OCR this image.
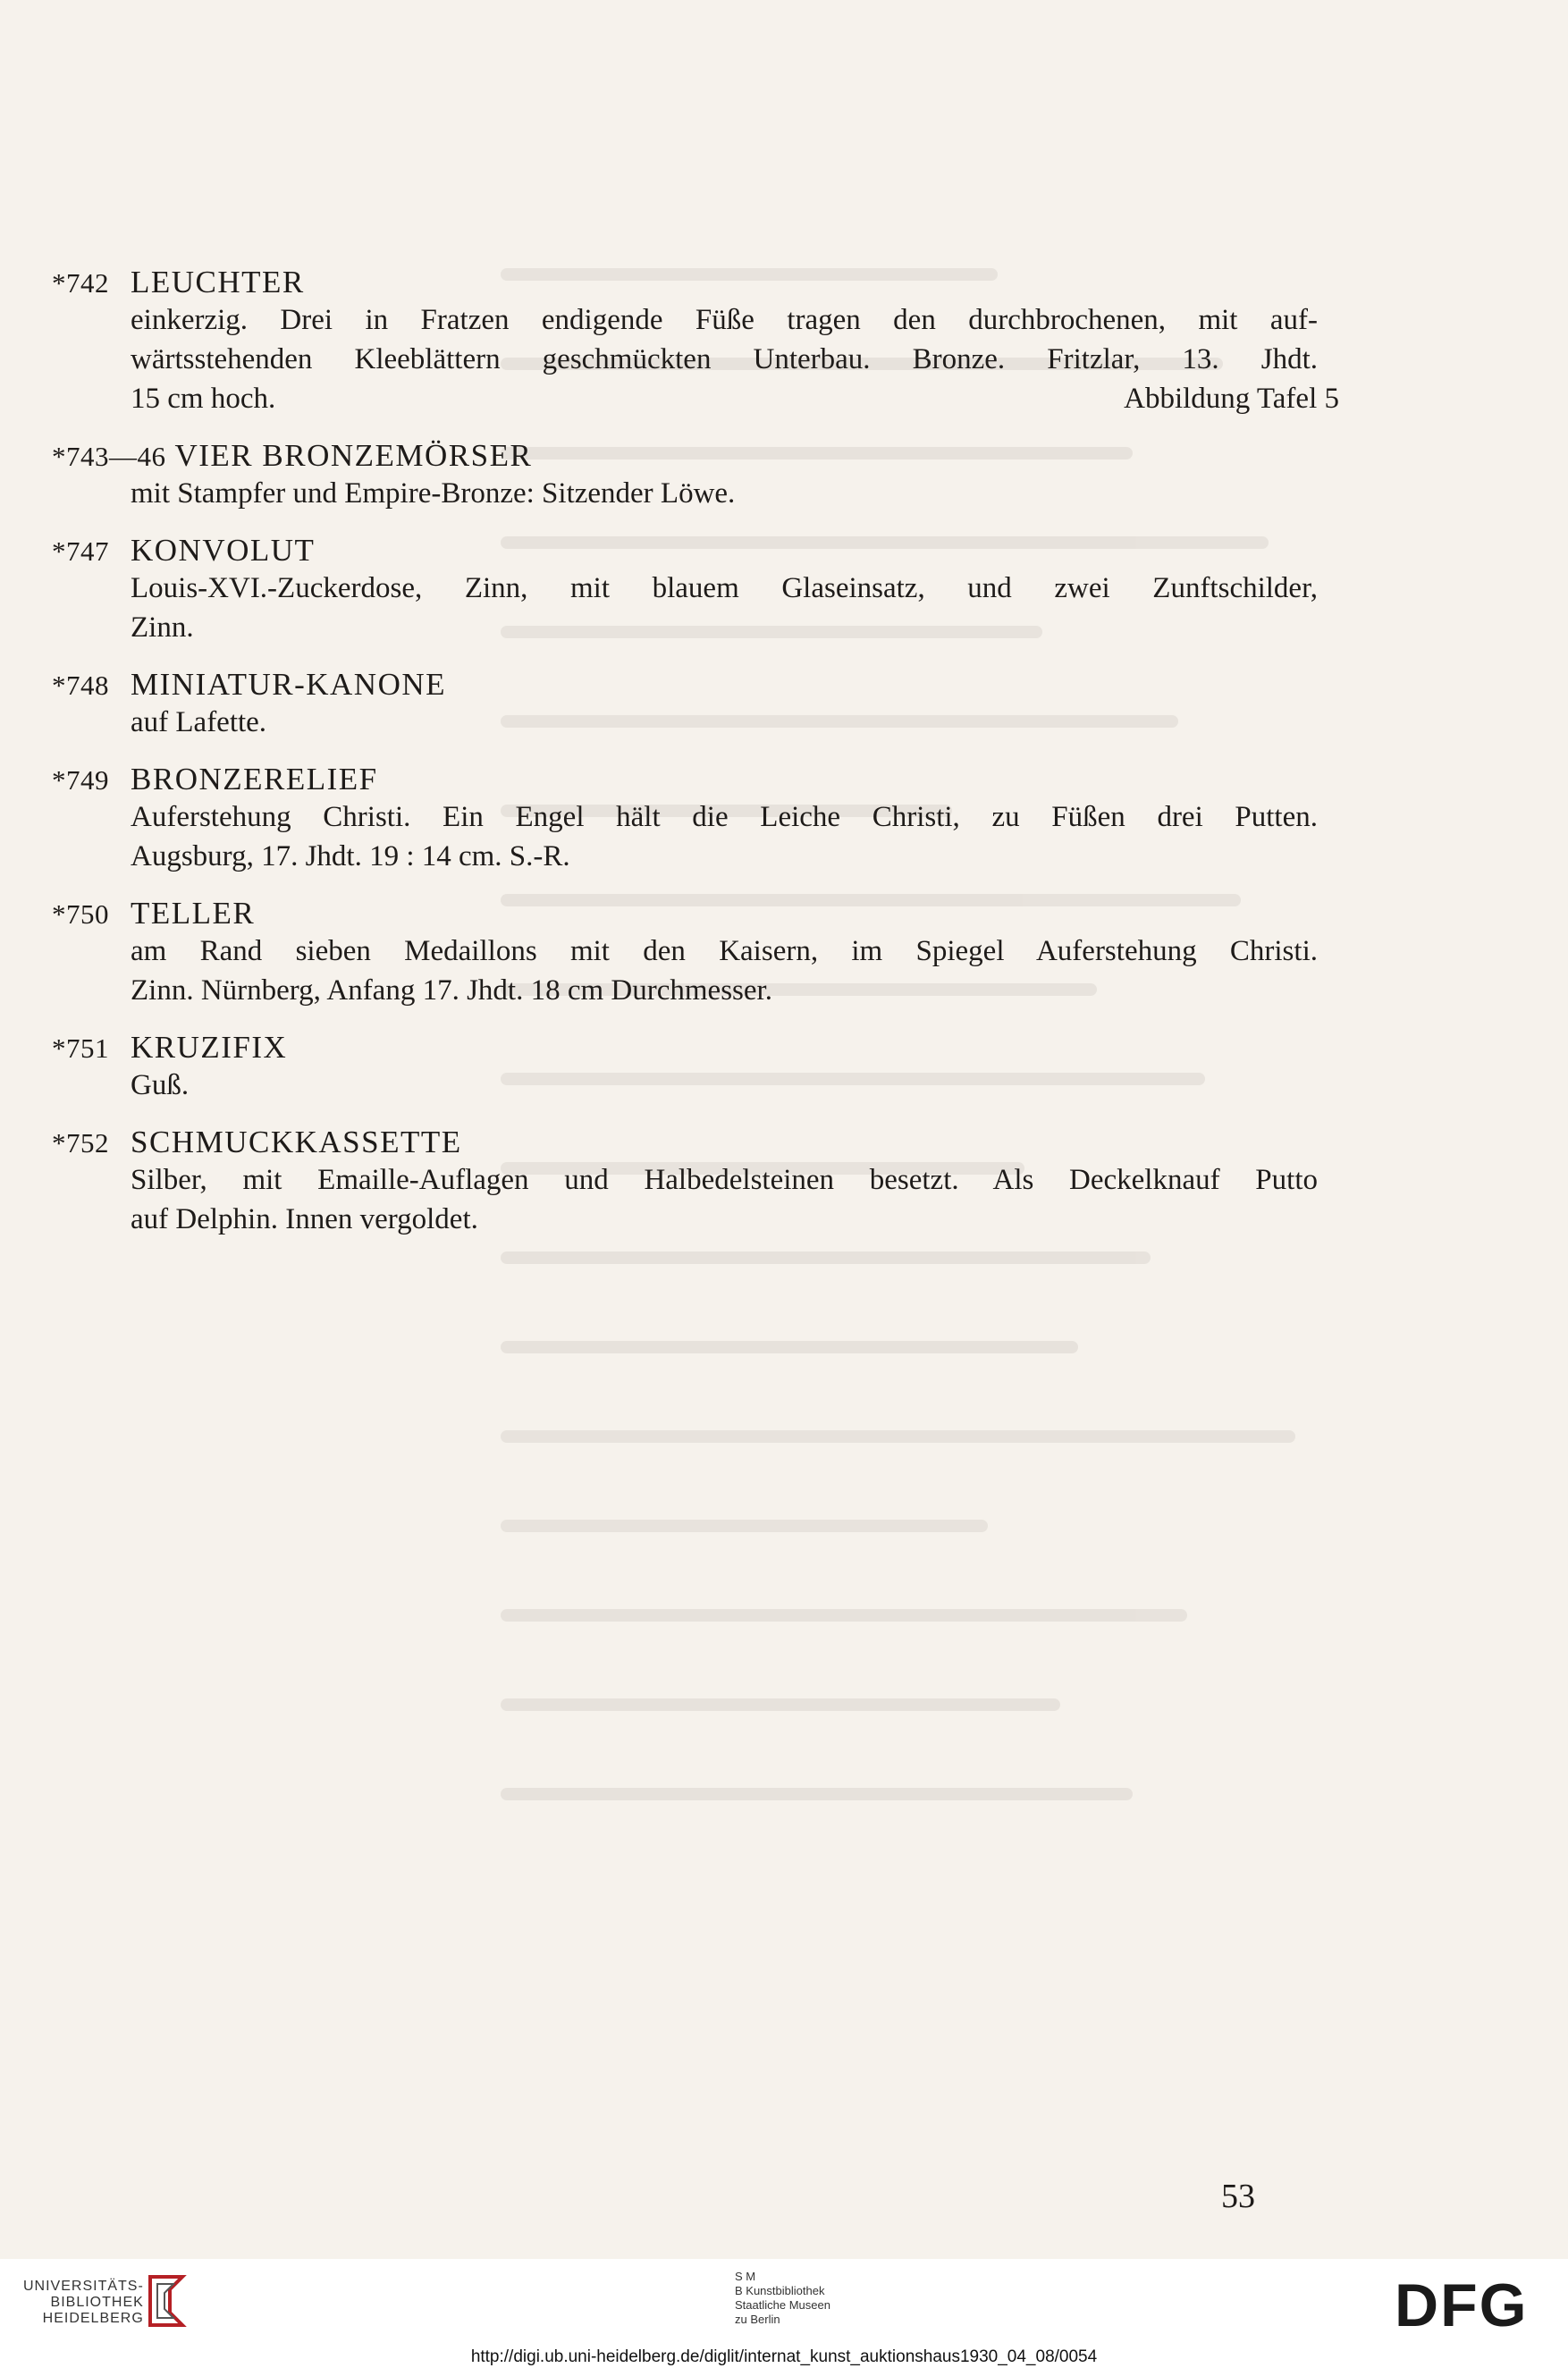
*742 LEUCHTER
einkerzig. Drei in Fratzen endigende Füße tragen den durchbrochenen, mit auf-
wärtsstehenden Kleeblättern geschmückten Unterbau. Bronze. Fritzlar, 13. Jhdt.
15 cm hoch.	Abbildung Tafel 5
*743—46 VIER BRONZEMÖRSER
mit Stampfer und Empire-Bronze: Sitzender Löwe.
*747 KONVOLUT
Louis-XVI.-Zuckerdose, Zinn, mit blauem Glaseinsatz, und zwei Zunftschilder,
Zinn.
*748 MINIATUR-KANONE
auf Lafette.
*749 BRONZERELIEF
Auferstehung Christi. Ein Engel hält die Leiche Christi, zu Füßen drei Putten.
Augsburg, 17. Jhdt. 19 : 14 cm. S.-R.
*750 TELLER
am Rand sieben Medaillons mit den Kaisern, im Spiegel Auferstehung Christi.
Zinn. Nürnberg, Anfang 17. Jhdt. 18 cm Durchmesser.
*751 KRUZIFIX
Guß.
*752 SCHMUCKKASSETTE
Silber, mit Emaille-Auflagen und Halbedelsteinen besetzt. Als Deckelknauf Putto
auf Delphin. Innen vergoldet.
53
UNIVERSITÄTS-
BIBLIOTHEK
HEIDELBERG
S M
B Kunstbibliothek
Staatliche Museen
zu Berlin	DFG
http://digi.ub.uni-heidelberg.de/diglit/internat_kunst_auktionshaus1930_04_08/0054
